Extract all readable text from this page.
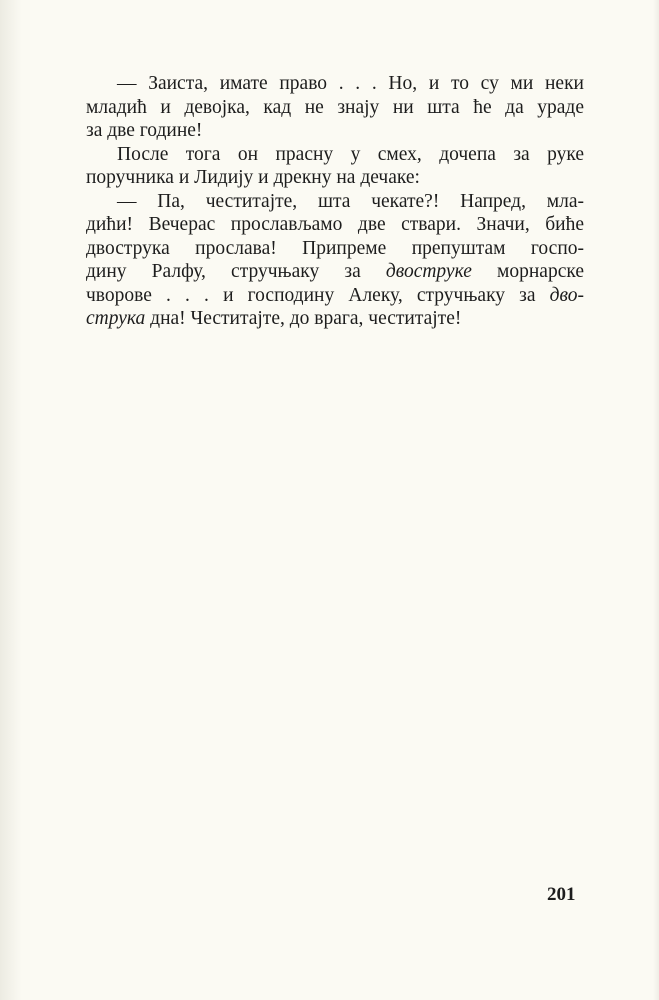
— Заиста, имате право . . . Но, и то су ми неки
младић и девојка, кад не знају ни шта ће да ураде
за две године!
После тога он прасну у смех, дочепа за руке
поручника и Лидију и дрекну на дечаке:
— Па, честитајте, шта чекате?! Напред, мла-
дићи! Вечерас прослављамо две ствари. Значи, биће
двострука прослава! Припреме препуштам госпо-
дину Ралфу, стручњаку за двоструке морнарске
чворове . . . и господину Алеку, стручњаку за дво-
струка дна! Честитајте, до врага, честитајте!
201
